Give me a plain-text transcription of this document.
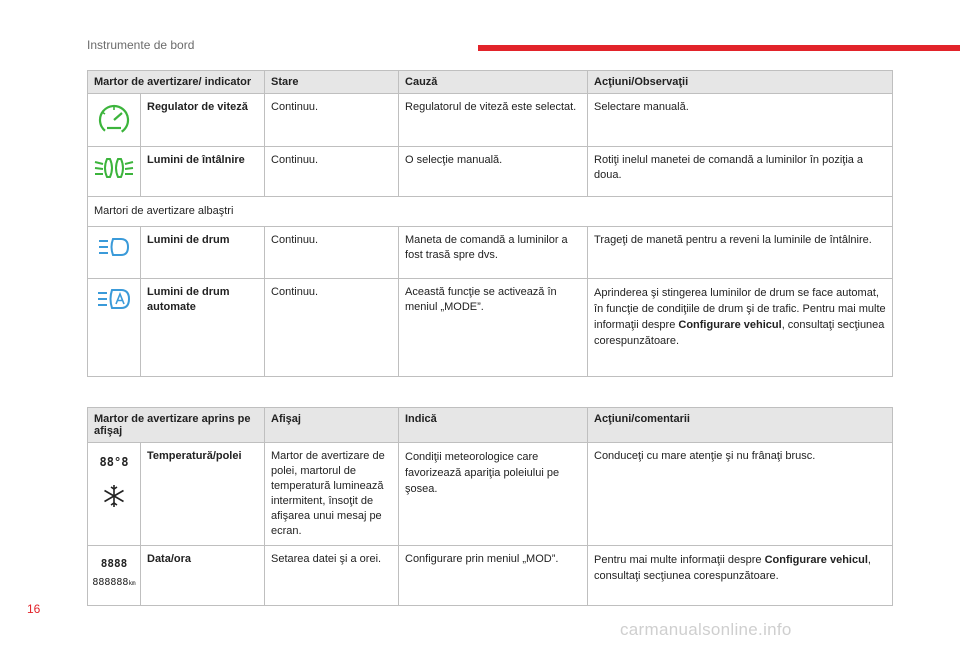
Instrumente de bord
Martor de avertizare/ indicator		Stare	Cauză	Acţiuni/Observaţii

	Regulator de viteză	Continuu.	Regulatorul de viteză este selectat.	Selectare manuală.

	Lumini de întâlnire	Continuu.	O selecţie manuală.	Rotiţi inelul manetei de comandă a luminilor în poziţia a doua.
Martori de avertizare albaştri				

	Lumini de drum	Continuu.	Maneta de comandă a luminilor a fost trasă spre dvs.	Trageţi de manetă pentru a reveni la luminile de întâlnire.

	Lumini de drum automate	Continuu.	Această funcţie se activează în meniul „MODE”.	Aprinderea şi stingerea luminilor de drum se face automat, în funcţie de condiţiile de drum şi de trafic. Pentru mai multe informaţii despre Configurare vehicul, consultaţi secţiunea corespunzătoare.
Martor de avertizare aprins pe afişaj		Afişaj	Indică	Acţiuni/comentarii

88°8	Temperatură/polei	Martor de avertizare de polei, martorul de temperatură luminează intermitent, însoţit de afişarea unui mesaj pe ecran.	Condiţii meteorologice care favorizează apariţia poleiului pe şosea.	Conduceţi cu mare atenţie şi nu frânaţi brusc.

8888
888888km	Data/ora	Setarea datei şi a orei.	Configurare prin meniul „MOD”.	Pentru mai multe informaţii despre Configurare vehicul, consultaţi secţiunea corespunzătoare.
16
carmanualsonline.info
